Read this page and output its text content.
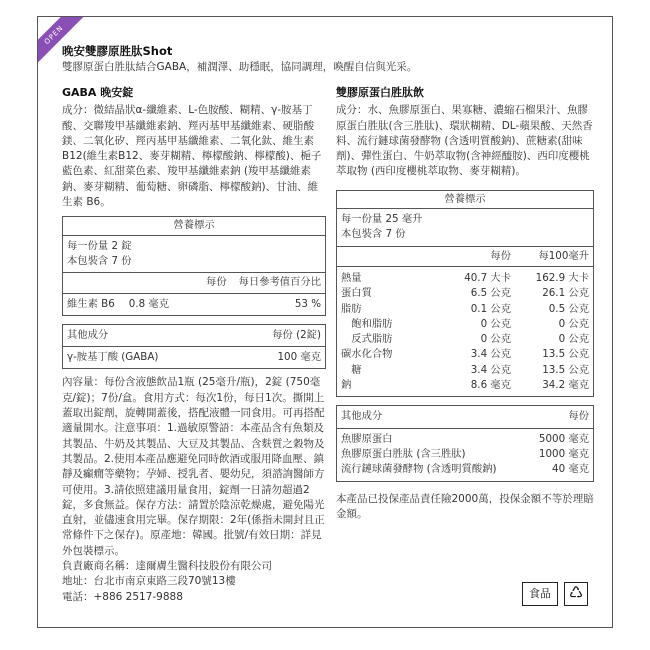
OPEN
晚安雙膠原胜肽Shot
雙膠原蛋白胜肽結合GABA，補潤澤、助穩眠，協同調理，喚醒自信與光采。
GABA 晚安錠

成分：微結晶狀α-纖維素、L-色胺酸、糊精、γ-胺基丁酸、交聯羧甲基纖維素鈉、羥丙基甲基纖維素、硬脂酸鎂、二氧化矽、羥丙基甲基纖維素、二氧化鈦、維生素B12(維生素B12、麥芽糊精、檸檬酸鈉、檸檬酸)、梔子藍色素、紅甜菜色素、羧甲基纖維素鈉 (羧甲基纖維素鈉、麥芽糊精、葡萄糖、卵磷脂、檸檬酸鈉)、甘油、維生素 B6。

營養標示
每一份量 2 錠
本包裝含 7 份
每份 每日參考值百分比
維生素 B6	0.8 毫克	53 %
其他成分	每份 (2錠)
γ-胺基丁酸 (GABA)	100 毫克

內容量：每份含液態飲品1瓶 (25毫升/瓶)，2錠 (750毫克/錠)；7份/盒。食用方式：每次1份，每日1次。撕開上蓋取出錠劑，旋轉開蓋後，搭配液體一同食用。可再搭配適量開水。注意事項：1.過敏原警語：本產品含有魚類及其製品、牛奶及其製品、大豆及其製品、含麩質之穀物及其製品。2.使用本產品應避免同時飲酒或服用降血壓、鎮靜及癲癇等藥物；孕婦、授乳者、嬰幼兒，須諮詢醫師方可使用。3.請依照建議用量食用，錠劑一日請勿超過2錠，多食無益。保存方法：請置於陰涼乾燥處，避免陽光直射，並儘速食用完畢。保存期限：2年(係指未開封且正常條件下之保存)。原產地：韓國。批號/有效日期：詳見外包裝標示。

負責廠商名稱：達爾膚生醫科技股份有限公司
地址：台北市南京東路三段70號13樓
電話：+886 2517-9888
雙膠原蛋白胜肽飲

成分：水、魚膠原蛋白、果寡糖、濃縮石榴果汁、魚膠原蛋白胜肽(含三胜肽)、環狀糊精、DL-蘋果酸、天然香料、流行鏈球菌發酵物 (含透明質酸鈉)、蔗糖素(甜味劑)、彈性蛋白、牛奶萃取物(含神經醯胺)、西印度櫻桃萃取物 (西印度櫻桃萃取物、麥芽糊精)。

營養標示
每一份量 25 毫升
本包裝含 7 份
每份	每100毫升
熱量	40.7 大卡	162.9 大卡
蛋白質	6.5 公克	26.1 公克
脂肪	0.1 公克	0.5 公克
　飽和脂肪	0 公克	0 公克
　反式脂肪	0 公克	0 公克
碳水化合物	3.4 公克	13.5 公克
　糖	3.4 公克	13.5 公克
鈉	8.6 毫克	34.2 毫克
其他成分	每份
魚膠原蛋白	5000 毫克
魚膠原蛋白胜肽 (含三胜肽)	1000 毫克
流行鏈球菌發酵物 (含透明質酸鈉)	40 毫克

本產品已投保產品責任險2000萬，投保金額不等於理賠金額。

食品	♺
